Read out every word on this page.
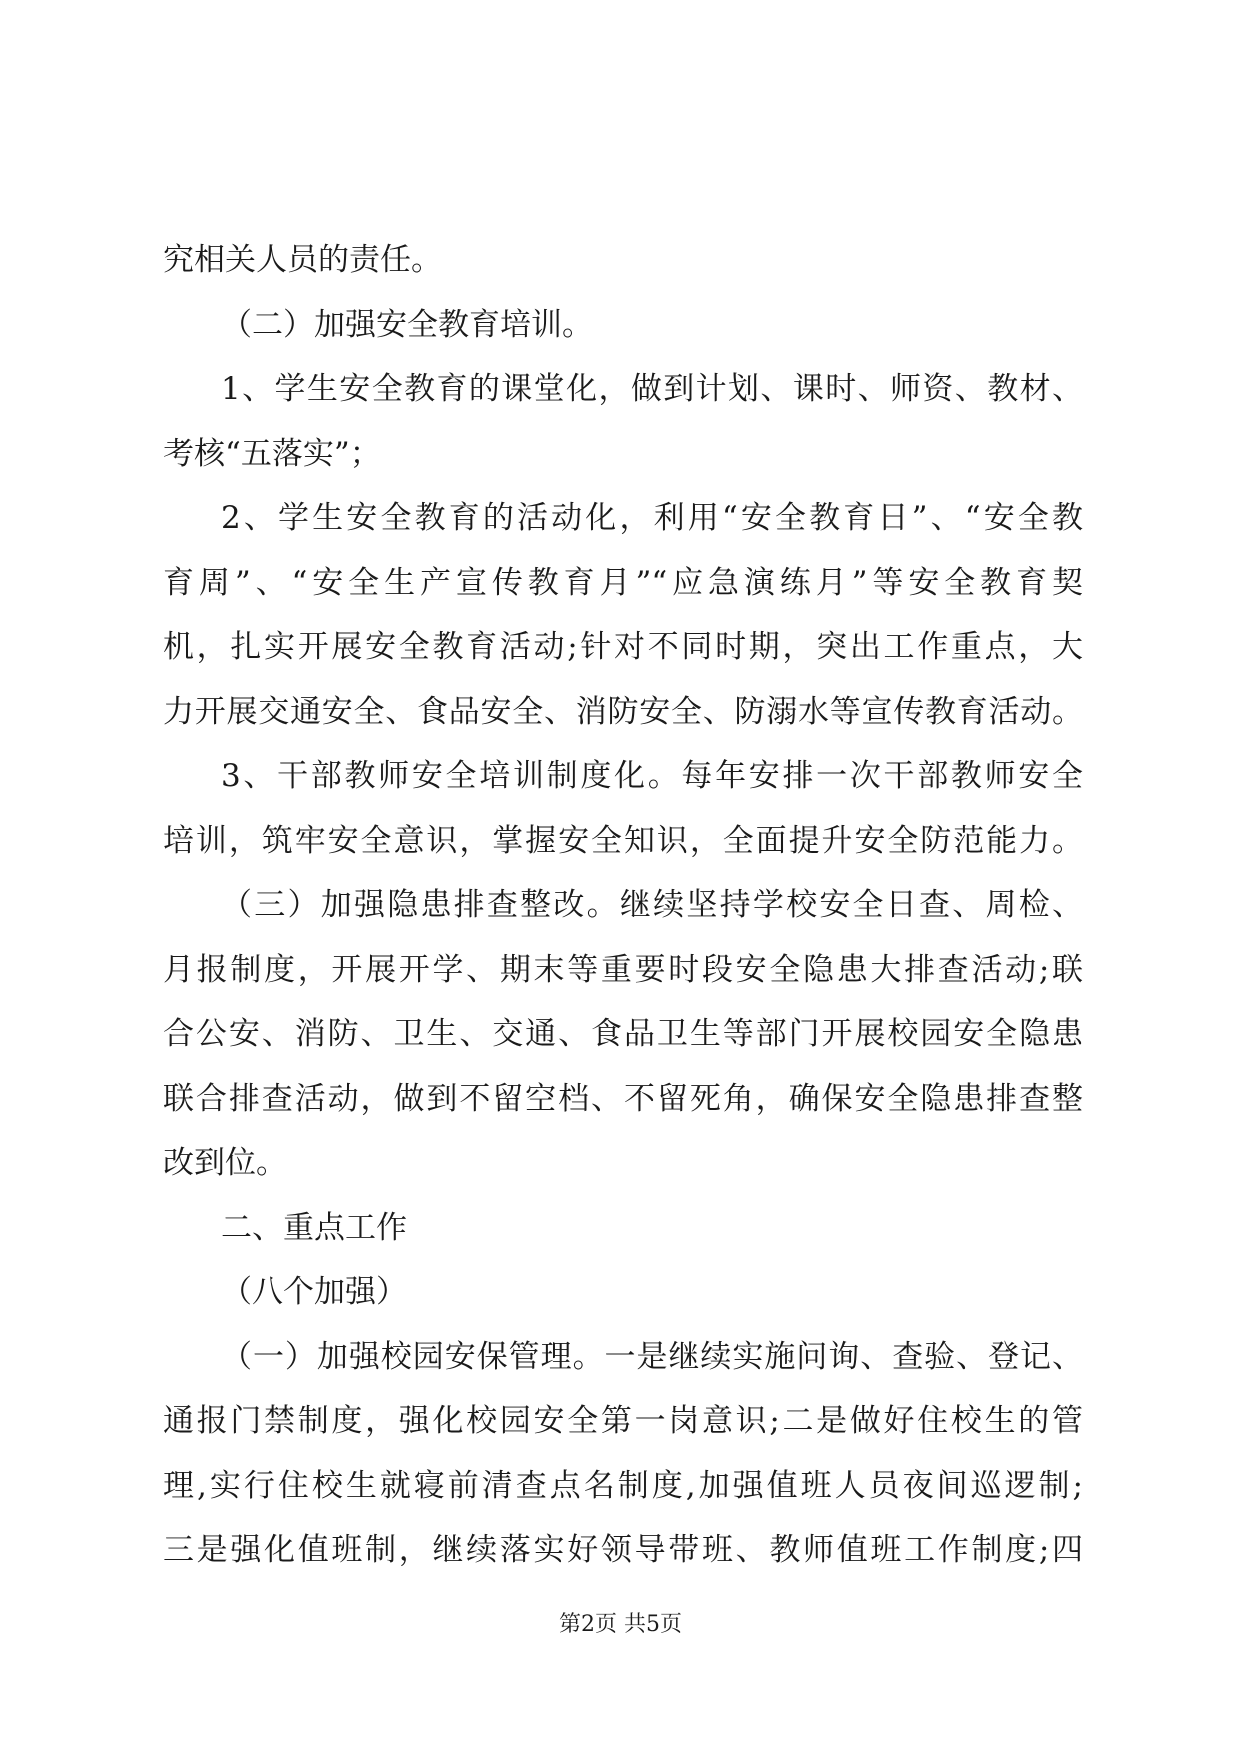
究相关人员的责任。
（二）加强安全教育培训。
1、学生安全教育的课堂化，做到计划、课时、师资、教材、
考核“五落实”；
2、学生安全教育的活动化，利用“安全教育日”、“安全教
育周”、“安全生产宣传教育月”“应急演练月”等安全教育契
机，扎实开展安全教育活动;针对不同时期，突出工作重点，大
力开展交通安全、食品安全、消防安全、防溺水等宣传教育活动。
3、干部教师安全培训制度化。每年安排一次干部教师安全
培训，筑牢安全意识，掌握安全知识，全面提升安全防范能力。
（三）加强隐患排查整改。继续坚持学校安全日查、周检、
月报制度，开展开学、期末等重要时段安全隐患大排查活动;联
合公安、消防、卫生、交通、食品卫生等部门开展校园安全隐患
联合排查活动，做到不留空档、不留死角，确保安全隐患排查整
改到位。
二、重点工作
（八个加强）
（一）加强校园安保管理。一是继续实施问询、查验、登记、
通报门禁制度，强化校园安全第一岗意识;二是做好住校生的管
理,实行住校生就寝前清查点名制度,加强值班人员夜间巡逻制;
三是强化值班制，继续落实好领导带班、教师值班工作制度;四
第2页 共5页
